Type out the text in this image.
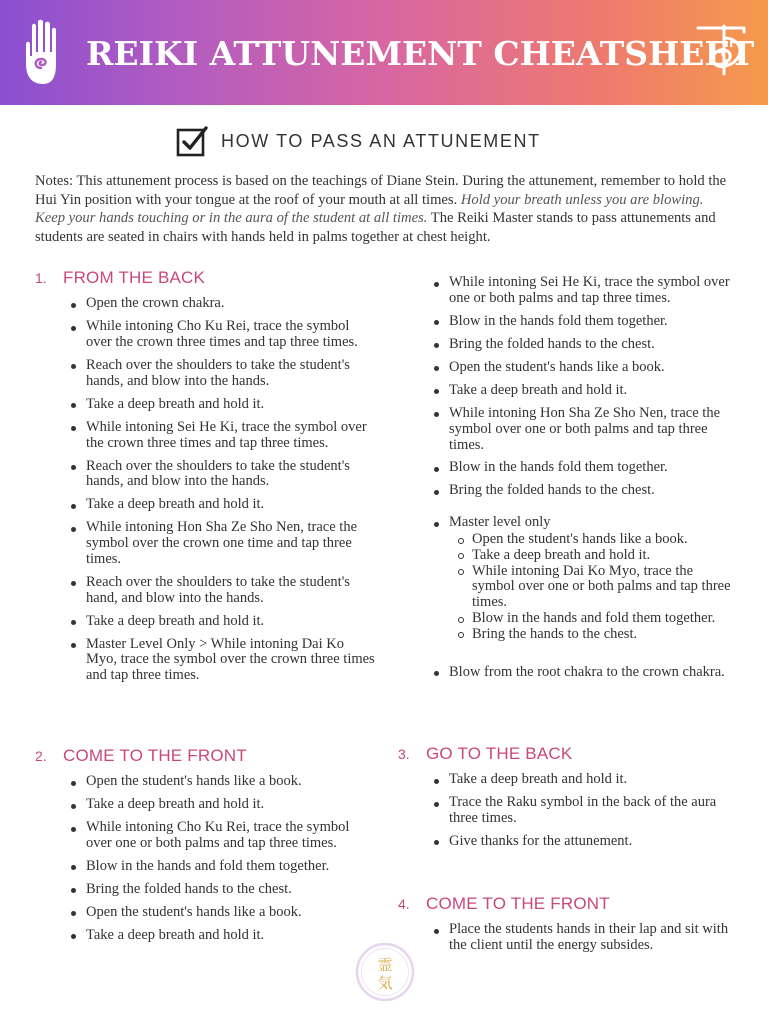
REIKI ATTUNEMENT CHEATSHEET
HOW TO PASS AN ATTUNEMENT
Notes: This attunement process is based on the teachings of Diane Stein. During the attunement, remember to hold the Hui Yin position with your tongue at the roof of your mouth at all times. Hold your breath unless you are blowing. Keep your hands touching or in the aura of the student at all times. The Reiki Master stands to pass attunements and students are seated in chairs with hands held in palms together at chest height.
1. FROM THE BACK
Open the crown chakra.
While intoning Cho Ku Rei, trace the symbol over the crown three times and tap three times.
Reach over the shoulders to take the student's hands, and blow into the hands.
Take a deep breath and hold it.
While intoning Sei He Ki, trace the symbol over the crown three times and tap three times.
Reach over the shoulders to take the student's hands, and blow into the hands.
Take a deep breath and hold it.
While intoning Hon Sha Ze Sho Nen, trace the symbol over the crown one time and tap three times.
Reach over the shoulders to take the student's hand, and blow into the hands.
Take a deep breath and hold it.
Master Level Only > While intoning Dai Ko Myo, trace the symbol over the crown three times and tap three times.
While intoning Sei He Ki, trace the symbol over one or both palms and tap three times.
Blow in the hands fold them together.
Bring the folded hands to the chest.
Open the student's hands like a book.
Take a deep breath and hold it.
While intoning Hon Sha Ze Sho Nen, trace the symbol over one or both palms and tap three times.
Blow in the hands fold them together.
Bring the folded hands to the chest.
Master level only
Open the student's hands like a book.
Take a deep breath and hold it.
While intoning Dai Ko Myo, trace the symbol over one or both palms and tap three times.
Blow in the hands and fold them together.
Bring the hands to the chest.
Blow from the root chakra to the crown chakra.
2. COME TO THE FRONT
Open the student's hands like a book.
Take a deep breath and hold it.
While intoning Cho Ku Rei, trace the symbol over one or both palms and tap three times.
Blow in the hands and fold them together.
Bring the folded hands to the chest.
Open the student's hands like a book.
Take a deep breath and hold it.
3. GO TO THE BACK
Take a deep breath and hold it.
Trace the Raku symbol in the back of the aura three times.
Give thanks for the attunement.
4. COME TO THE FRONT
Place the students hands in their lap and sit with the client until the energy subsides.
霊
気
